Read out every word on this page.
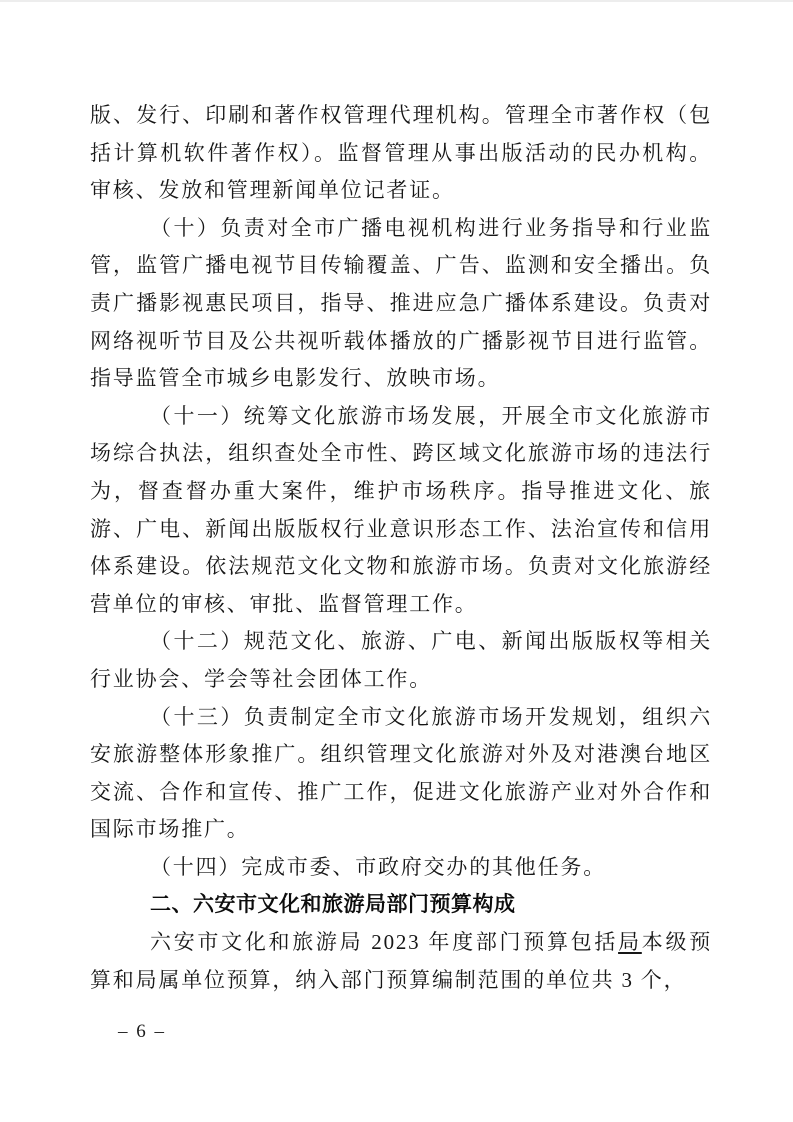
版、发行、印刷和著作权管理代理机构。管理全市著作权（包括计算机软件著作权）。监督管理从事出版活动的民办机构。审核、发放和管理新闻单位记者证。

（十）负责对全市广播电视机构进行业务指导和行业监管，监管广播电视节目传输覆盖、广告、监测和安全播出。负责广播影视惠民项目，指导、推进应急广播体系建设。负责对网络视听节目及公共视听载体播放的广播影视节目进行监管。指导监管全市城乡电影发行、放映市场。

（十一）统筹文化旅游市场发展，开展全市文化旅游市场综合执法，组织查处全市性、跨区域文化旅游市场的违法行为，督查督办重大案件，维护市场秩序。指导推进文化、旅游、广电、新闻出版版权行业意识形态工作、法治宣传和信用体系建设。依法规范文化文物和旅游市场。负责对文化旅游经营单位的审核、审批、监督管理工作。

（十二）规范文化、旅游、广电、新闻出版版权等相关行业协会、学会等社会团体工作。

（十三）负责制定全市文化旅游市场开发规划，组织六安旅游整体形象推广。组织管理文化旅游对外及对港澳台地区交流、合作和宣传、推广工作，促进文化旅游产业对外合作和国际市场推广。

（十四）完成市委、市政府交办的其他任务。

二、六安市文化和旅游局部门预算构成

六安市文化和旅游局 2023 年度部门预算包括局本级预算和局属单位预算，纳入部门预算编制范围的单位共 3 个，

– 6 –
